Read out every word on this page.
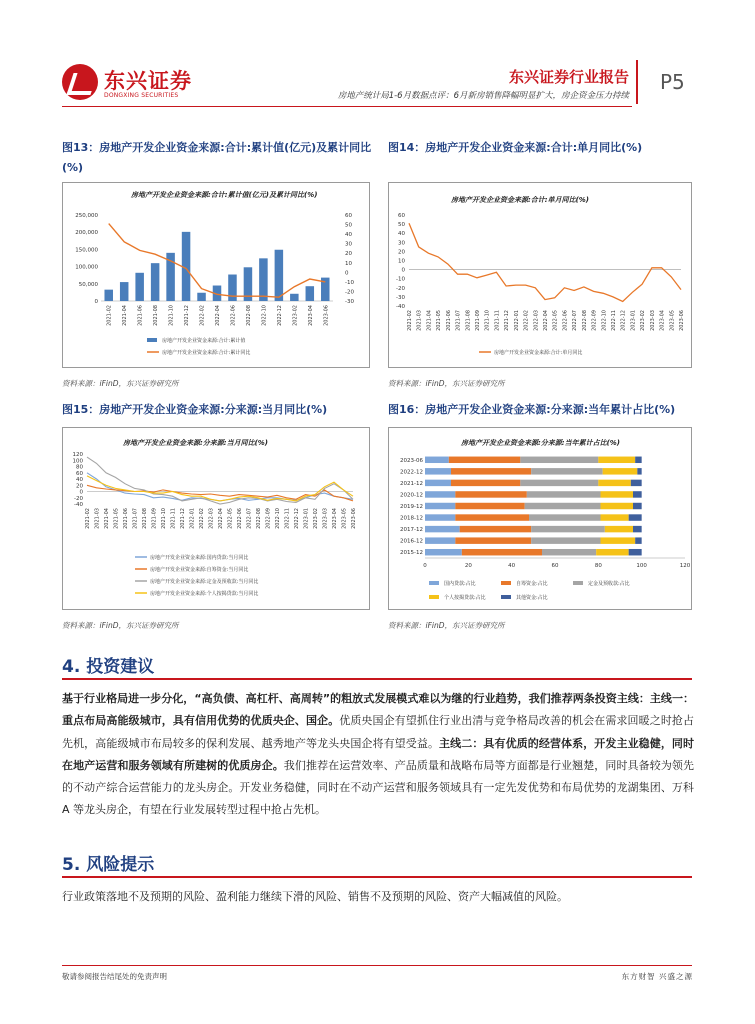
东兴证券
DONGXING SECURITIES
东兴证券行业报告
房地产统计局1-6月数据点评：6月新房销售降幅明显扩大，房企资金压力持续
P5
图13：房地产开发企业资金来源:合计:累计值(亿元)及累计同比(%)
房地产开发企业资金来源:合计:累计值(亿元)及累计同比(%)
250,000
200,000
150,000
100,000
50,000
0
60
50
40
30
20
10
0
-10
-20
-30
2021-02 2021-04 2021-06 2021-08 2021-10 2021-12 2022-02 2022-04 2022-06 2022-08 2022-10 2022-12 2023-02 2023-04 2023-06
房地产开发企业资金来源:合计:累计值
房地产开发企业资金来源:合计:累计同比
资料来源：iFinD，东兴证券研究所
图14：房地产开发企业资金来源:合计:单月同比(%)
房地产开发企业资金来源:合计:单月同比(%)
60
50
40
30
20
10
0
-10
-20
-30
-40
2021-02 2021-03 2021-04 2021-05 2021-06 2021-07 2021-08 2021-09 2021-10 2021-11 2021-12 2022-01 2022-02 2022-03 2022-04 2022-05 2022-06 2022-07 2022-08 2022-09 2022-10 2022-11 2022-12 2023-01 2023-02 2023-03 2023-04 2023-05 2023-06
房地产开发企业资金来源:合计:单月同比
资料来源：iFinD，东兴证券研究所
图15：房地产开发企业资金来源:分来源:当月同比(%)
房地产开发企业资金来源:分来源:当月同比(%)
120
100
80
60
40
20
0
-20
-40
2021-02 2021-03 2021-04 2021-05 2021-06 2021-07 2021-08 2021-09 2021-10 2021-11 2021-12 2022-01 2022-02 2022-03 2022-04 2022-05 2022-06 2022-07 2022-08 2022-09 2022-10 2022-11 2022-12 2023-01 2023-02 2023-03 2023-04 2023-05 2023-06
房地产开发企业资金来源:国内贷款:当月同比
房地产开发企业资金来源:自筹资金:当月同比
房地产开发企业资金来源:定金及预收款:当月同比
房地产开发企业资金来源:个人按揭贷款:当月同比
资料来源：iFinD，东兴证券研究所
图16：房地产开发企业资金来源:分来源:当年累计占比(%)
房地产开发企业资金来源:分来源:当年累计占比(%)
2023-06
2022-12
2021-12
2020-12
2019-12
2018-12
2017-12
2016-12
2015-12
0	20	40	60	80	100	120
国内贷款:占比	自筹资金:占比	定金及预收款:占比
个人按揭贷款:占比	其他资金:占比
资料来源：iFinD，东兴证券研究所
4. 投资建议
基于行业格局进一步分化，“高负债、高杠杆、高周转”的粗放式发展模式难以为继的行业趋势，我们推荐两条投资主线：主线一：重点布局高能级城市，具有信用优势的优质央企、国企。优质央国企有望抓住行业出清与竞争格局改善的机会在需求回暖之时抢占先机，高能级城市布局较多的保利发展、越秀地产等龙头央国企将有望受益。主线二：具有优质的经营体系，开发主业稳健，同时在地产运营和服务领域有所建树的优质房企。我们推荐在运营效率、产品质量和战略布局等方面都是行业翘楚，同时具备较为领先的不动产综合运营能力的龙头房企。开发业务稳健，同时在不动产运营和服务领域具有一定先发优势和布局优势的龙湖集团、万科 A 等龙头房企，有望在行业发展转型过程中抢占先机。
5. 风险提示
行业政策落地不及预期的风险、盈利能力继续下滑的风险、销售不及预期的风险、资产大幅减值的风险。
敬请参阅报告结尾处的免责声明	东方财智 兴盛之源
